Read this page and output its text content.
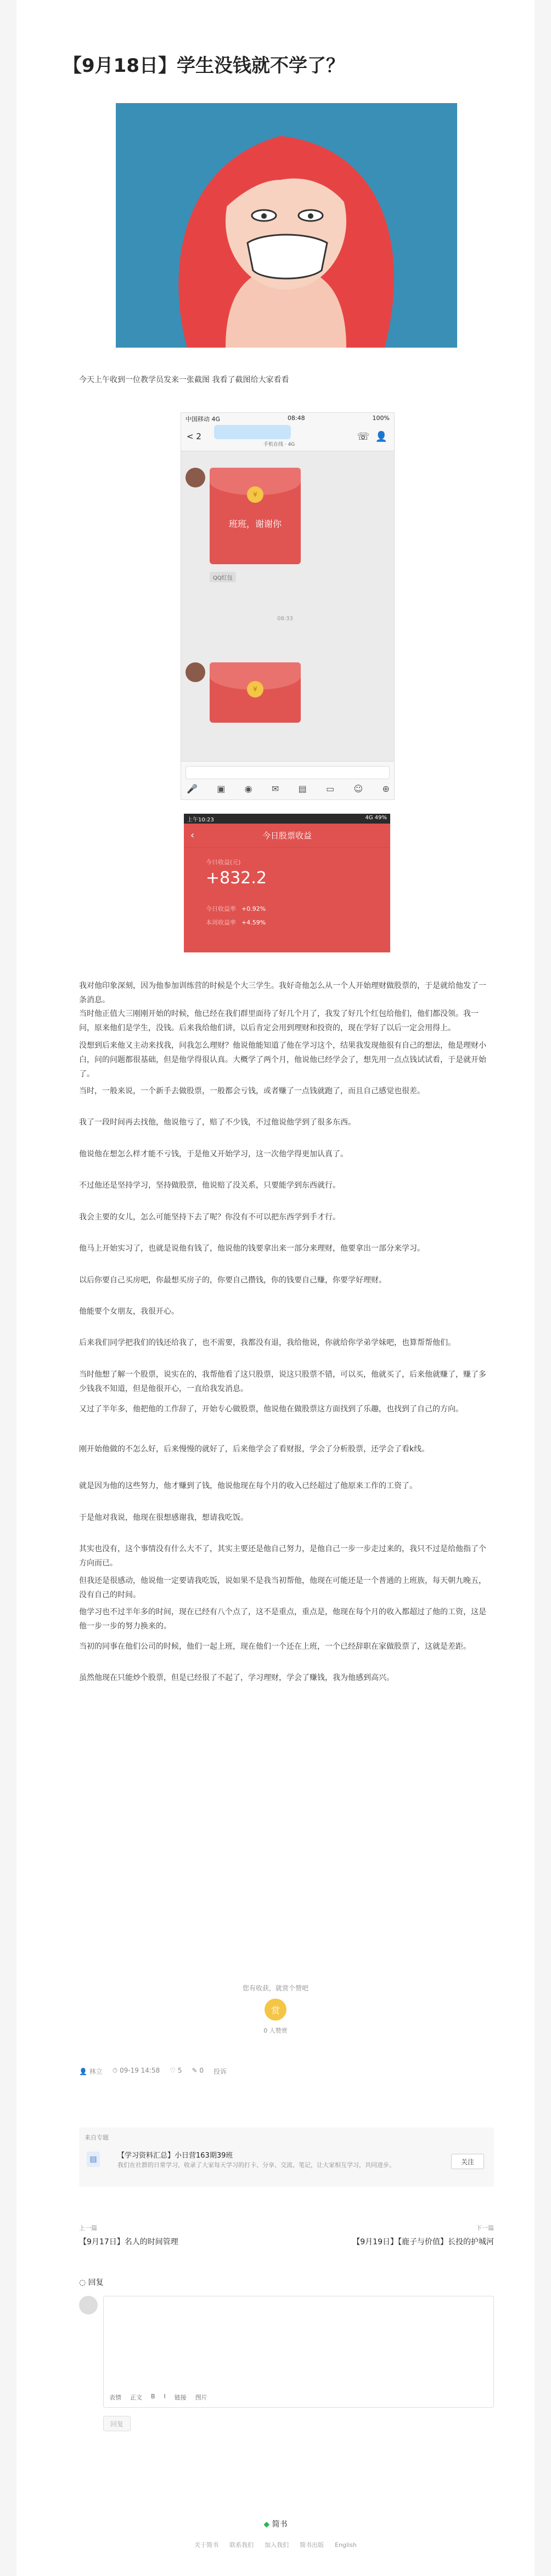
【9月18日】学生没钱就不学了？

今天上午收到一位教学员发来一张截图 我看了截图给大家看看

中国移动 4G	08:48	100%
< 2
手机在线 · 4G
☏ 👤
¥
班班，谢谢你
QQ红包
08:33
¥
🎤 ▣ ◉ ✉ ▤ ▭ ☺ ⊕
上午10:23	4G 49%
‹	今日股票收益
今日收益(元)
+832.2
今日收益率 +0.92%
本周收益率 +4.59%

我对他印象深刻，因为他参加训练营的时候是个大三学生。我好奇他怎么从一个人开始理财做股票的，于是就给他发了一条消息。

当时他正值大三刚刚开始的时候，他已经在我们群里面待了好几个月了，我发了好几个红包给他们，他们都没领。我一问，原来他们是学生，没钱。后来我给他们讲，以后肯定会用到理财和投资的，现在学好了以后一定会用得上。

没想到后来他又主动来找我，问我怎么理财？他说他能知道了他在学习这个，结果我发现他很有自己的想法，他是理财小白，问的问题都很基础，但是他学得很认真。大概学了两个月，他说他已经学会了，想先用一点点钱试试看，于是就开始了。

当时，一般来说，一个新手去做股票，一般都会亏钱，或者赚了一点钱就跑了，而且自己感觉也很差。

我了一段时间再去找他，他说他亏了，赔了不少钱，不过他说他学到了很多东西。

他说他在想怎么样才能不亏钱，于是他又开始学习，这一次他学得更加认真了。

不过他还是坚持学习，坚持做股票，他说赔了没关系，只要能学到东西就行。

我会主要的女儿，怎么可能坚持下去了呢？你没有不可以把东西学到手才行。

他马上开始实习了，也就是说他有钱了，他说他的钱要拿出来一部分来理财，他要拿出一部分来学习。

以后你要自己买房吧，你最想买房子的，你要自己攒钱，你的钱要自己赚，你要学好理财。

他能要个女朋友，我很开心。

后来我们同学把我们的钱还给我了，也不需要，我都没有退，我给他说，你就给你学弟学妹吧，也算帮帮他们。

当时他想了解一个股票，说实在的，我帮他看了这只股票，说这只股票不错，可以买，他就买了，后来他就赚了，赚了多少钱我不知道，但是他很开心，一直给我发消息。

又过了半年多，他把他的工作辞了，开始专心做股票，他说他在做股票这方面找到了乐趣，也找到了自己的方向。

刚开始他做的不怎么好，后来慢慢的就好了，后来他学会了看财报，学会了分析股票，还学会了看k线。

就是因为他的这些努力，他才赚到了钱，他说他现在每个月的收入已经超过了他原来工作的工资了。

于是他对我说，他现在很想感谢我，想请我吃饭。

其实也没有，这个事情没有什么大不了，其实主要还是他自己努力，是他自己一步一步走过来的，我只不过是给他指了个方向而已。

但我还是很感动，他说他一定要请我吃饭，说如果不是我当初帮他，他现在可能还是一个普通的上班族，每天朝九晚五，没有自己的时间。

他学习也不过半年多的时间，现在已经有八个点了，这不是重点，重点是，他现在每个月的收入都超过了他的工资，这是他一步一步的努力换来的。

当初的同事在他们公司的时候，他们一起上班，现在他们一个还在上班，一个已经辞职在家做股票了，这就是差距。

虽然他现在只能炒个股票，但是已经很了不起了，学习理财，学会了赚钱，我为他感到高兴。

您有收获，就赏个赞吧
赏
0 人赞赏
👤 林立 ⏱ 09-19 14:58 ♡ 5 ✎ 0 投诉
来自专题
▤	【学习资料汇总】小日营163期39班
我们在社群的日常学习，收录了大家每天学习的打卡、分享、交流、笔记，让大家相互学习，共同进步。	关注
上一篇	下一篇
【9月17日】名人的时间管理	【9月19日】【鹿子与价值】长投的护城河
◌ 回复
表情 正文 B I 链接 图片
回复
◆ 简书
关于简书 联系我们 加入我们 简书出版 English
